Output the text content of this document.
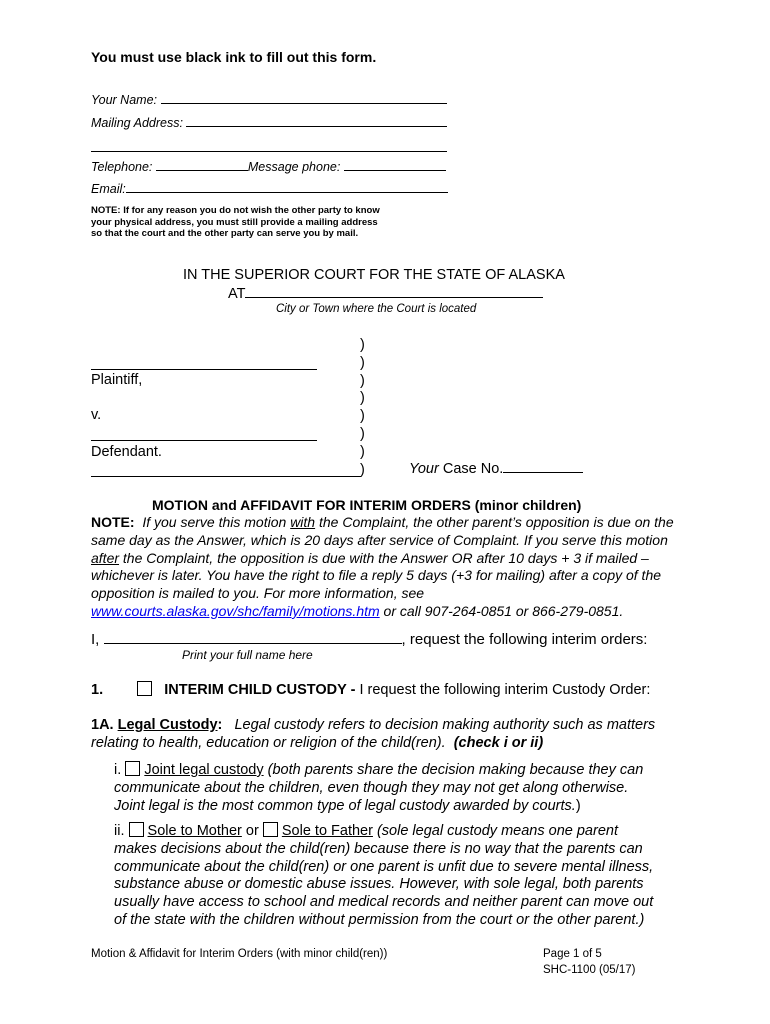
You must use black ink to fill out this form.
Your Name:
Mailing Address:
Telephone:	Message phone:
Email:
NOTE: If for any reason you do not wish the other party to know your physical address, you must still provide a mailing address so that the court and the other party can serve you by mail.
IN THE SUPERIOR COURT FOR THE STATE OF ALASKA
AT
City or Town where the Court is located
)
)
)
)
)
)
)
)
Plaintiff,
v.
Defendant.
Your Case No.
MOTION and AFFIDAVIT FOR INTERIM ORDERS (minor children)
NOTE: If you serve this motion with the Complaint, the other parent’s opposition is due on the
same day as the Answer, which is 20 days after service of Complaint. If you serve this motion
after the Complaint, the opposition is due with the Answer OR after 10 days + 3 if mailed –
whichever is later. You have the right to file a reply 5 days (+3 for mailing) after a copy of the
opposition is mailed to you. For more information, see
www.courts.alaska.gov/shc/family/motions.htm or call 907-264-0851 or 866-279-0851.
I,	, request the following interim orders:
Print your full name here
1.	INTERIM CHILD CUSTODY - I request the following interim Custody Order:
1A. Legal Custody: Legal custody refers to decision making authority such as matters
relating to health, education or religion of the child(ren). (check i or ii)
i. Joint legal custody (both parents share the decision making because they can
communicate about the children, even though they may not get along otherwise.
Joint legal is the most common type of legal custody awarded by courts.)
ii. Sole to Mother or Sole to Father (sole legal custody means one parent
makes decisions about the child(ren) because there is no way that the parents can
communicate about the child(ren) or one parent is unfit due to severe mental illness,
substance abuse or domestic abuse issues. However, with sole legal, both parents
usually have access to school and medical records and neither parent can move out
of the state with the children without permission from the court or the other parent.)
Motion & Affidavit for Interim Orders (with minor child(ren))	Page 1 of 5
SHC-1100 (05/17)
